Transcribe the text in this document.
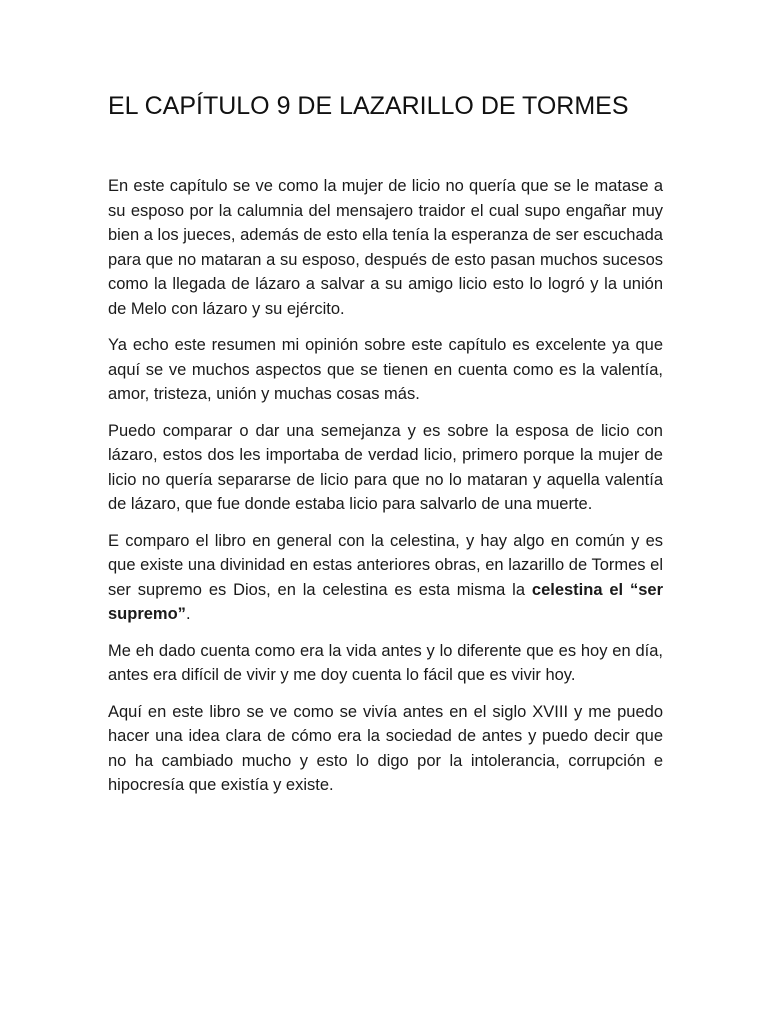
EL CAPÍTULO 9 DE LAZARILLO DE TORMES

En este capítulo se ve como la mujer de licio no quería que se le matase a su esposo por la calumnia del mensajero traidor el cual supo engañar muy bien a los jueces, además de esto ella tenía la esperanza de ser escuchada para que no mataran a su esposo, después de esto pasan muchos sucesos como la llegada de lázaro a salvar a su amigo licio esto lo logró y la unión de Melo con lázaro y su ejército.

Ya echo este resumen mi opinión sobre este capítulo es excelente ya que aquí se ve muchos aspectos que se tienen en cuenta como es la valentía, amor, tristeza, unión y muchas cosas más.

Puedo comparar o dar una semejanza y es sobre la esposa de licio con lázaro, estos dos les importaba de verdad licio, primero porque la mujer de licio no quería separarse de licio para que no lo mataran y aquella valentía de lázaro, que fue donde estaba licio para salvarlo de una muerte.

E comparo el libro en general con la celestina, y hay algo en común y es que existe una divinidad en estas anteriores obras, en lazarillo de Tormes el ser supremo es Dios, en la celestina es esta misma la celestina el “ser supremo”.

Me eh dado cuenta como era la vida antes y lo diferente que es hoy en día, antes era difícil de vivir y me doy cuenta lo fácil que es vivir hoy.

Aquí en este libro se ve como se vivía antes en el siglo XVIII y me puedo hacer una idea clara de cómo era la sociedad de antes y puedo decir que no ha cambiado mucho y esto lo digo por la intolerancia, corrupción e hipocresía que existía y existe.
